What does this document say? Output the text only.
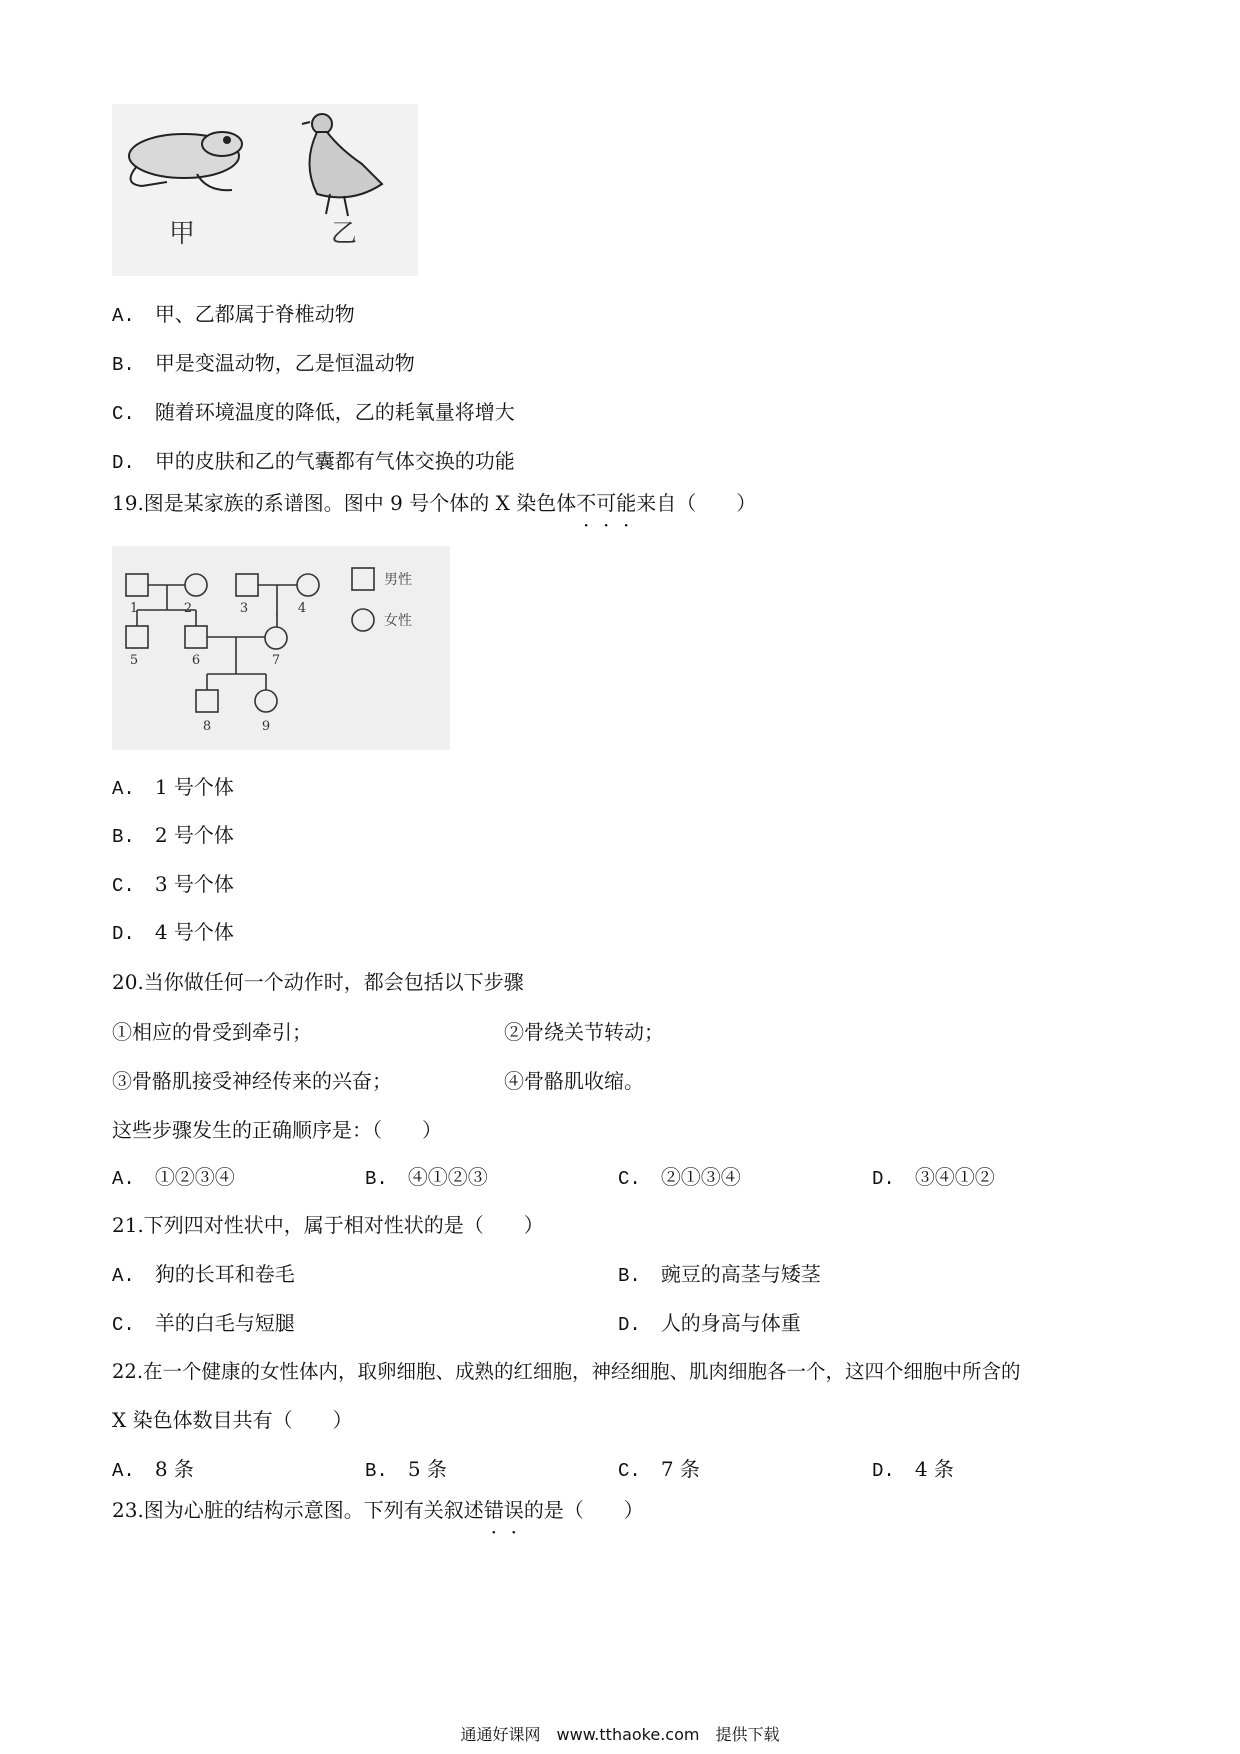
甲	乙
A.　 甲、乙都属于脊椎动物
B.　 甲是变温动物，乙是恒温动物
C.　 随着环境温度的降低，乙的耗氧量将增大
D.　 甲的皮肤和乙的气囊都有气体交换的功能
19.图是某家族的系谱图。图中 9 号个体的 X 染色体不可能来自（　　）
1	2	3	4
5	6	7
8	9
男性
女性
A.　 1 号个体
B.　 2 号个体
C.　 3 号个体
D.　 4 号个体
20.当你做任何一个动作时，都会包括以下步骤
①相应的骨受到牵引；	②骨绕关节转动；
③骨骼肌接受神经传来的兴奋；	④骨骼肌收缩。
这些步骤发生的正确顺序是：（　　）
A.　 ①②③④	B.　 ④①②③	C.　 ②①③④	D.　 ③④①②
21.下列四对性状中，属于相对性状的是（　　）
A.　 狗的长耳和卷毛	B.　 豌豆的高茎与矮茎
C.　 羊的白毛与短腿	D.　 人的身高与体重
22.在一个健康的女性体内，取卵细胞、成熟的红细胞，神经细胞、肌肉细胞各一个，这四个细胞中所含的
X 染色体数目共有（　　）
A.　 8 条	B.　 5 条	C.　 7 条	D.　 4 条
23.图为心脏的结构示意图。下列有关叙述错误的是（　　）
通通好课网　www.tthaoke.com　提供下载
